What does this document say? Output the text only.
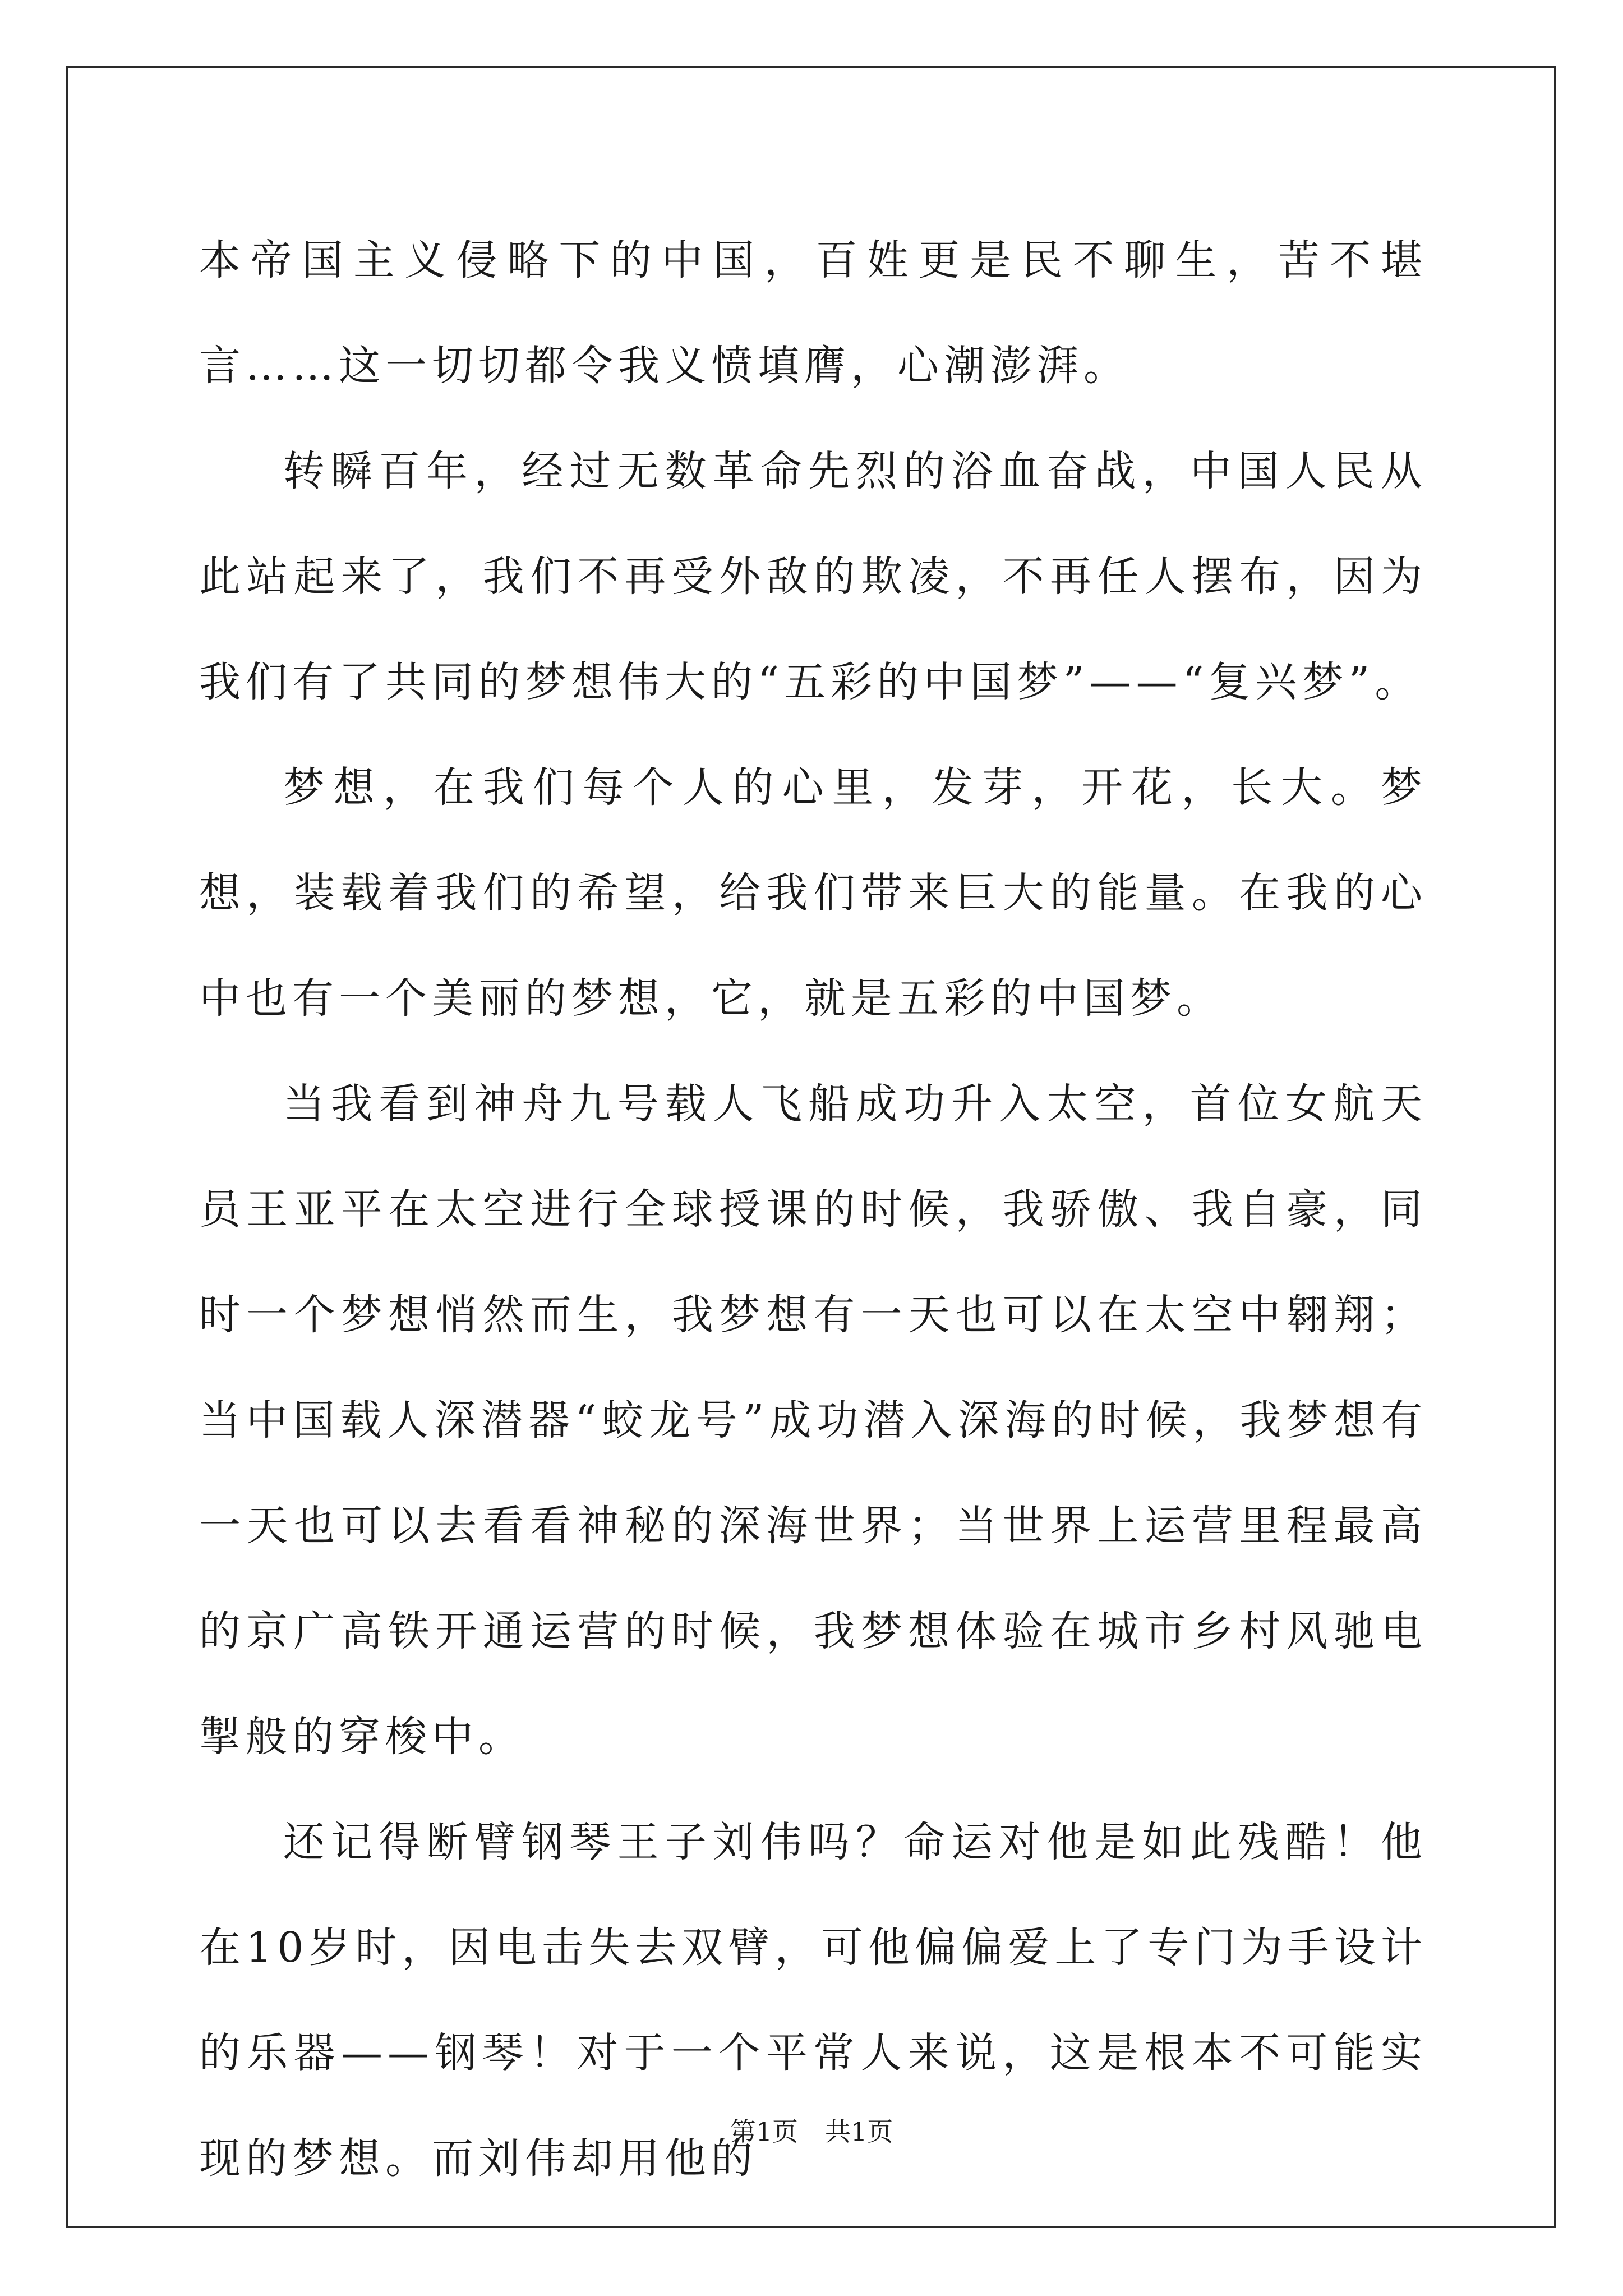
本帝国主义侵略下的中国，百姓更是民不聊生，苦不堪言……这一切切都令我义愤填膺，心潮澎湃。

转瞬百年，经过无数革命先烈的浴血奋战，中国人民从此站起来了，我们不再受外敌的欺凌，不再任人摆布，因为我们有了共同的梦想伟大的“五彩的中国梦”——“复兴梦”。

梦想，在我们每个人的心里，发芽，开花，长大。梦想，装载着我们的希望，给我们带来巨大的能量。在我的心中也有一个美丽的梦想，它，就是五彩的中国梦。

当我看到神舟九号载人飞船成功升入太空，首位女航天员王亚平在太空进行全球授课的时候，我骄傲、我自豪，同时一个梦想悄然而生，我梦想有一天也可以在太空中翱翔；当中国载人深潜器“蛟龙号”成功潜入深海的时候，我梦想有一天也可以去看看神秘的深海世界；当世界上运营里程最高的京广高铁开通运营的时候，我梦想体验在城市乡村风驰电掣般的穿梭中。

还记得断臂钢琴王子刘伟吗？命运对他是如此残酷！他在10岁时，因电击失去双臂，可他偏偏爱上了专门为手设计的乐器——钢琴！对于一个平常人来说，这是根本不可能实现的梦想。而刘伟却用他的

第1页 共1页
